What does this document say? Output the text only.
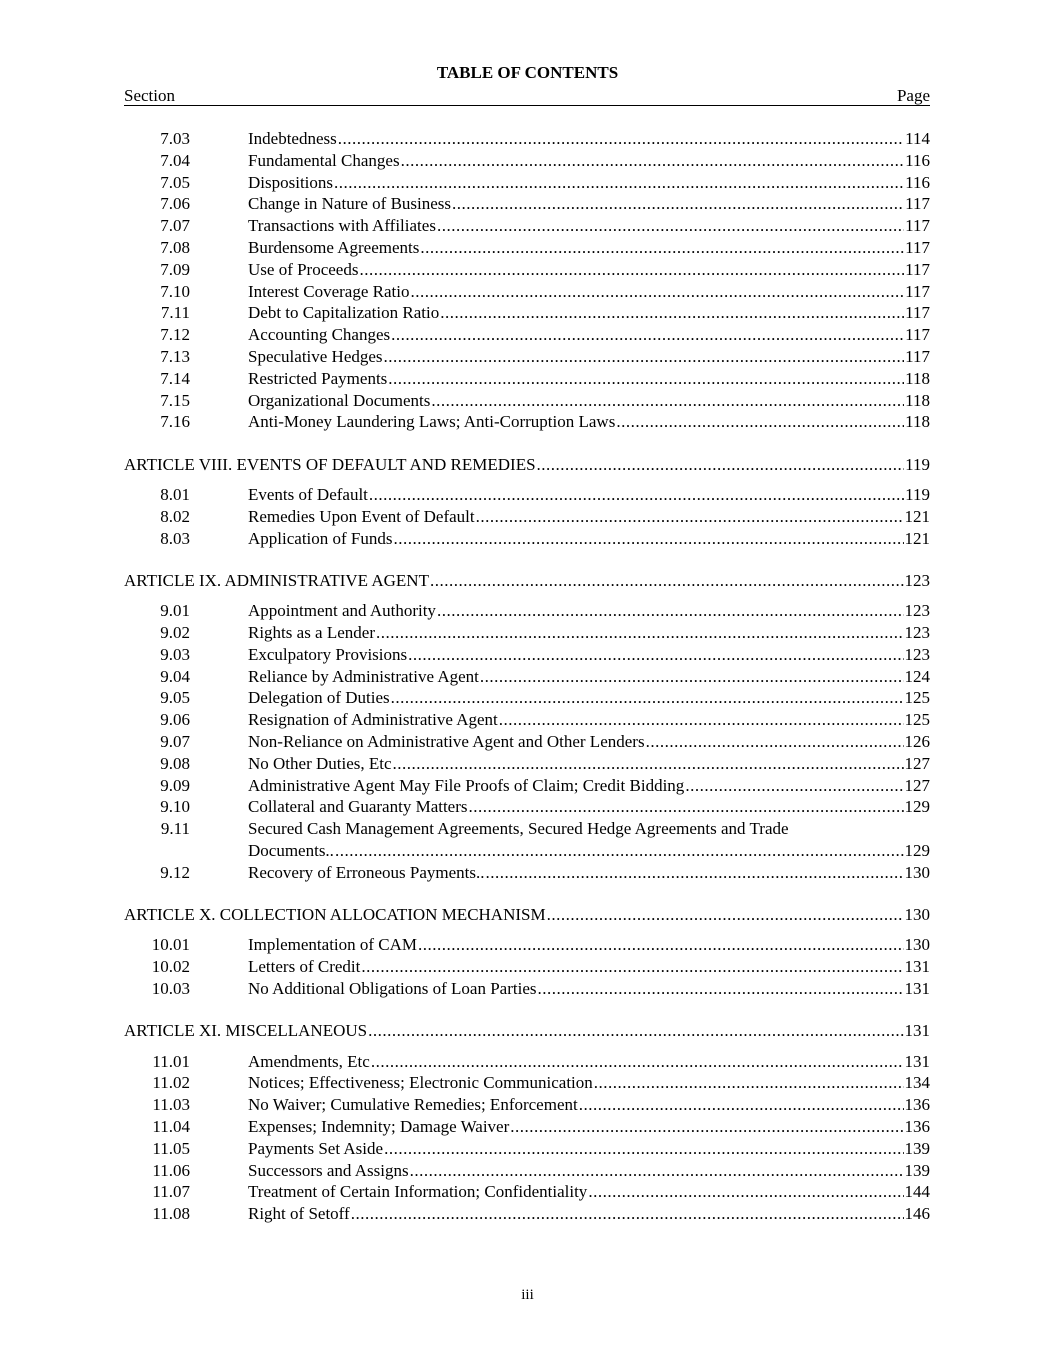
TABLE OF CONTENTS
Section	Page
7.03	Indebtedness .....	114
7.04	Fundamental Changes .....	116
7.05	Dispositions .....	116
7.06	Change in Nature of Business .....	117
7.07	Transactions with Affiliates .....	117
7.08	Burdensome Agreements .....	117
7.09	Use of Proceeds .....	117
7.10	Interest Coverage Ratio .....	117
7.11	Debt to Capitalization Ratio .....	117
7.12	Accounting Changes .....	117
7.13	Speculative Hedges .....	117
7.14	Restricted Payments .....	118
7.15	Organizational Documents .....	118
7.16	Anti-Money Laundering Laws; Anti-Corruption Laws .....	118
ARTICLE VIII. EVENTS OF DEFAULT AND REMEDIES .....	119
8.01	Events of Default .....	119
8.02	Remedies Upon Event of Default .....	121
8.03	Application of Funds .....	121
ARTICLE IX. ADMINISTRATIVE AGENT .....	123
9.01	Appointment and Authority .....	123
9.02	Rights as a Lender .....	123
9.03	Exculpatory Provisions .....	123
9.04	Reliance by Administrative Agent .....	124
9.05	Delegation of Duties .....	125
9.06	Resignation of Administrative Agent .....	125
9.07	Non-Reliance on Administrative Agent and Other Lenders .....	126
9.08	No Other Duties, Etc .....	127
9.09	Administrative Agent May File Proofs of Claim; Credit Bidding .....	127
9.10	Collateral and Guaranty Matters .....	129
9.11	Secured Cash Management Agreements, Secured Hedge Agreements and Trade
Documents.. .....	129
9.12	Recovery of Erroneous Payments.. .....	130
ARTICLE X. COLLECTION ALLOCATION MECHANISM .....	130
10.01	Implementation of CAM .....	130
10.02	Letters of Credit .....	131
10.03	No Additional Obligations of Loan Parties .....	131
ARTICLE XI. MISCELLANEOUS .....	131
11.01	Amendments, Etc .....	131
11.02	Notices; Effectiveness; Electronic Communication .....	134
11.03	No Waiver; Cumulative Remedies; Enforcement .....	136
11.04	Expenses; Indemnity; Damage Waiver .....	136
11.05	Payments Set Aside .....	139
11.06	Successors and Assigns .....	139
11.07	Treatment of Certain Information; Confidentiality .....	144
11.08	Right of Setoff .....	146
iii
